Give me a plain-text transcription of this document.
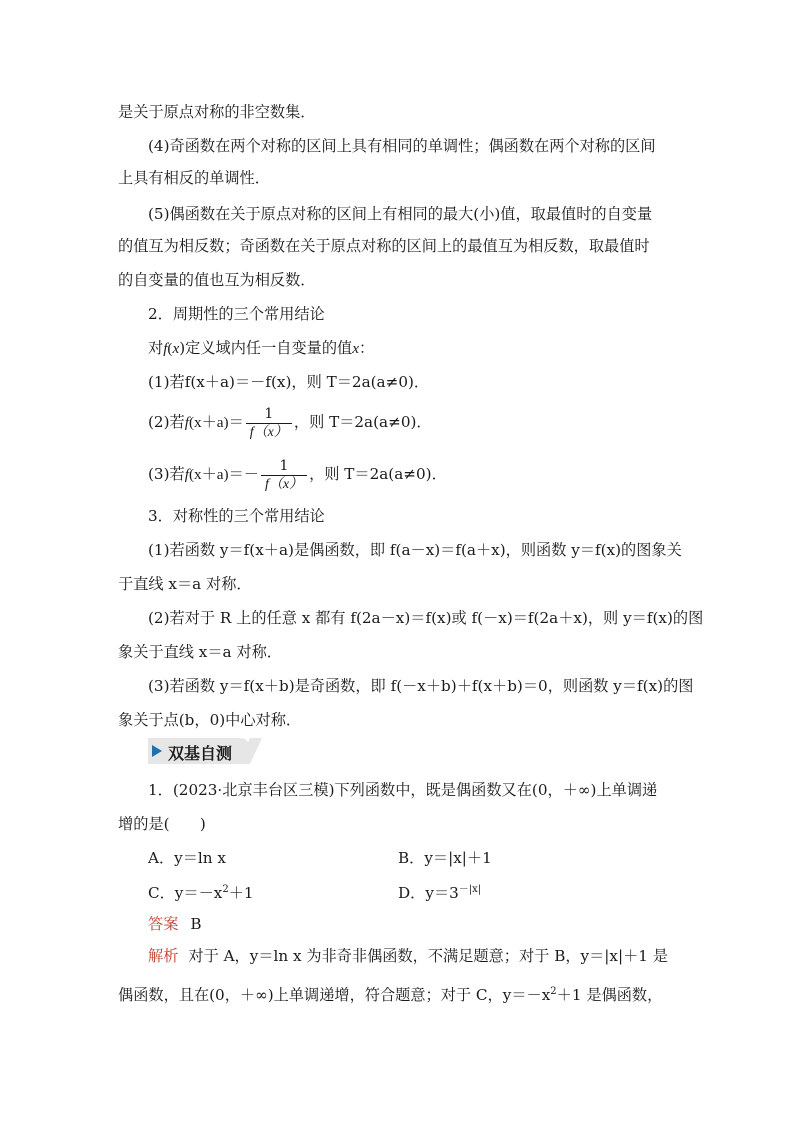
是关于原点对称的非空数集．
(4)奇函数在两个对称的区间上具有相同的单调性；偶函数在两个对称的区间
上具有相反的单调性．
(5)偶函数在关于原点对称的区间上有相同的最大(小)值，取最值时的自变量
的值互为相反数；奇函数在关于原点对称的区间上的最值互为相反数，取最值时
的自变量的值也互为相反数．
2．周期性的三个常用结论
对f(x)定义域内任一自变量的值x：
(1)若f(x＋a)＝－f(x)，则 T＝2a(a≠0)．
(2)若$f(x+a)= \frac{1}{f(x)}$ ，则 T＝2a(a≠0)．
(3)若$f(x+a)=- \frac{1}{f(x)}$ ，则 T＝2a(a≠0)．
3．对称性的三个常用结论
(1)若函数 y＝f(x＋a)是偶函数，即 f(a－x)＝f(a＋x)，则函数 y＝f(x)的图象关
于直线 x＝a 对称．
(2)若对于 R 上的任意 x 都有 f(2a－x)＝f(x)或 f(－x)＝f(2a＋x)，则 y＝f(x)的图
象关于直线 x＝a 对称．
(3)若函数 y＝f(x＋b)是奇函数，即 f(－x＋b)＋f(x＋b)＝0，则函数 y＝f(x)的图
象关于点(b，0)中心对称．
双基自测
1．(2023·北京丰台区三模)下列函数中，既是偶函数又在(0，＋∞)上单调递
增的是(　　)
A．y＝ln x	B．y＝|x|＋1
C．$y=-x^2+1$	D．$y=3^{-|x|}$
答案 B
解析 对于 A，y＝ln x 为非奇非偶函数，不满足题意；对于 B，y＝|x|＋1 是
偶函数，且在(0，＋∞)上单调递增，符合题意；对于 C，$y=-x^2+1$ 是偶函数，
